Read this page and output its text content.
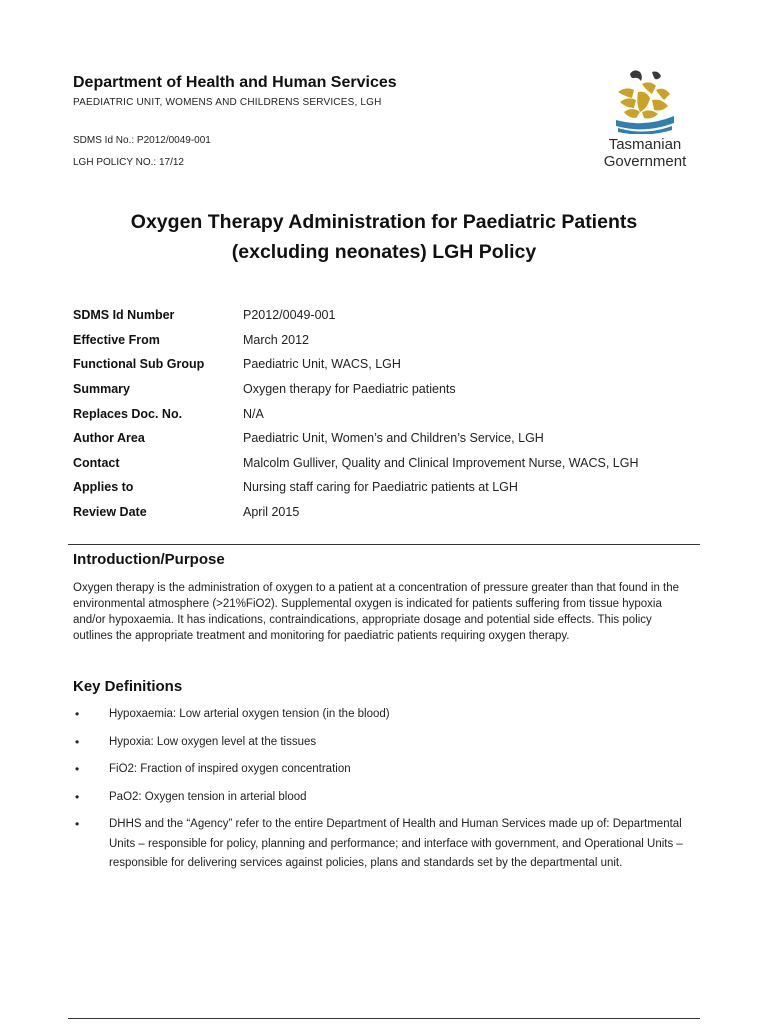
Department of Health and Human Services

PAEDIATRIC UNIT, WOMENS AND CHILDRENS SERVICES, LGH
SDMS Id No.: P2012/0049-001
LGH POLICY NO.: 17/12
Tasmanian
Government
Oxygen Therapy Administration for Paediatric Patients
(excluding neonates) LGH Policy
SDMS Id Number	P2012/0049-001
Effective From	March 2012
Functional Sub Group	Paediatric Unit, WACS, LGH
Summary	Oxygen therapy for Paediatric patients
Replaces Doc. No.	N/A
Author Area	Paediatric Unit, Women’s and Children’s Service, LGH
Contact	Malcolm Gulliver, Quality and Clinical Improvement Nurse, WACS, LGH
Applies to	Nursing staff caring for Paediatric patients at LGH
Review Date	April 2015
Introduction/Purpose

Oxygen therapy is the administration of oxygen to a patient at a concentration of pressure greater than that found in the environmental atmosphere (>21%FiO2). Supplemental oxygen is indicated for patients suffering from tissue hypoxia and/or hypoxaemia. It has indications, contraindications, appropriate dosage and potential side effects. This policy outlines the appropriate treatment and monitoring for paediatric patients requiring oxygen therapy.

Key Definitions
•	Hypoxaemia: Low arterial oxygen tension (in the blood)
•	Hypoxia: Low oxygen level at the tissues
•	FiO2: Fraction of inspired oxygen concentration
•	PaO2: Oxygen tension in arterial blood
•	DHHS and the “Agency” refer to the entire Department of Health and Human Services made up of: Departmental Units – responsible for policy, planning and performance; and interface with government, and Operational Units – responsible for delivering services against policies, plans and standards set by the departmental unit.
